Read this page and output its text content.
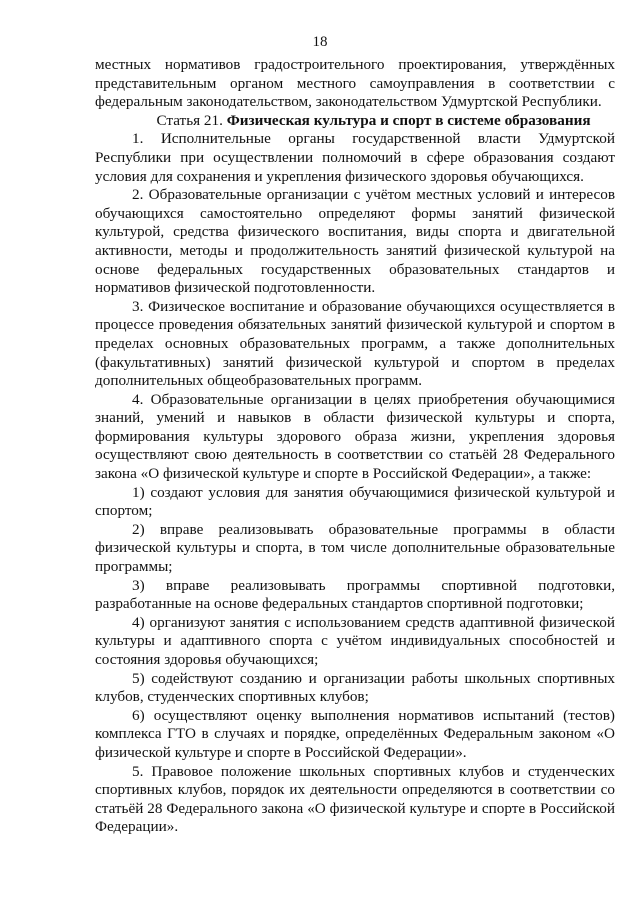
18

местных нормативов градостроительного проектирования, утверждённых представительным органом местного самоуправления в соответствии с федеральным законодательством, законодательством Удмуртской Республики.

Статья 21. Физическая культура и спорт в системе образования

1. Исполнительные органы государственной власти Удмуртской Республики при осуществлении полномочий в сфере образования создают условия для сохранения и укрепления физического здоровья обучающихся.

2. Образовательные организации с учётом местных условий и интересов обучающихся самостоятельно определяют формы занятий физической культурой, средства физического воспитания, виды спорта и двигательной активности, методы и продолжительность занятий физической культурой на основе федеральных государственных образовательных стандартов и нормативов физической подготовленности.

3. Физическое воспитание и образование обучающихся осуществляется в процессе проведения обязательных занятий физической культурой и спортом в пределах основных образовательных программ, а также дополнительных (факультативных) занятий физической культурой и спортом в пределах дополнительных общеобразовательных программ.

4. Образовательные организации в целях приобретения обучающимися знаний, умений и навыков в области физической культуры и спорта, формирования культуры здорового образа жизни, укрепления здоровья осуществляют свою деятельность в соответствии со статьёй 28 Федерального закона «О физической культуре и спорте в Российской Федерации», а также:

1) создают условия для занятия обучающимися физической культурой и спортом;

2) вправе реализовывать образовательные программы в области физической культуры и спорта, в том числе дополнительные образовательные программы;

3) вправе реализовывать программы спортивной подготовки, разработанные на основе федеральных стандартов спортивной подготовки;

4) организуют занятия с использованием средств адаптивной физической культуры и адаптивного спорта с учётом индивидуальных способностей и состояния здоровья обучающихся;

5) содействуют созданию и организации работы школьных спортивных клубов, студенческих спортивных клубов;

6) осуществляют оценку выполнения нормативов испытаний (тестов) комплекса ГТО в случаях и порядке, определённых Федеральным законом «О физической культуре и спорте в Российской Федерации».

5. Правовое положение школьных спортивных клубов и студенческих спортивных клубов, порядок их деятельности определяются в соответствии со статьёй 28 Федерального закона «О физической культуре и спорте в Российской Федерации».
